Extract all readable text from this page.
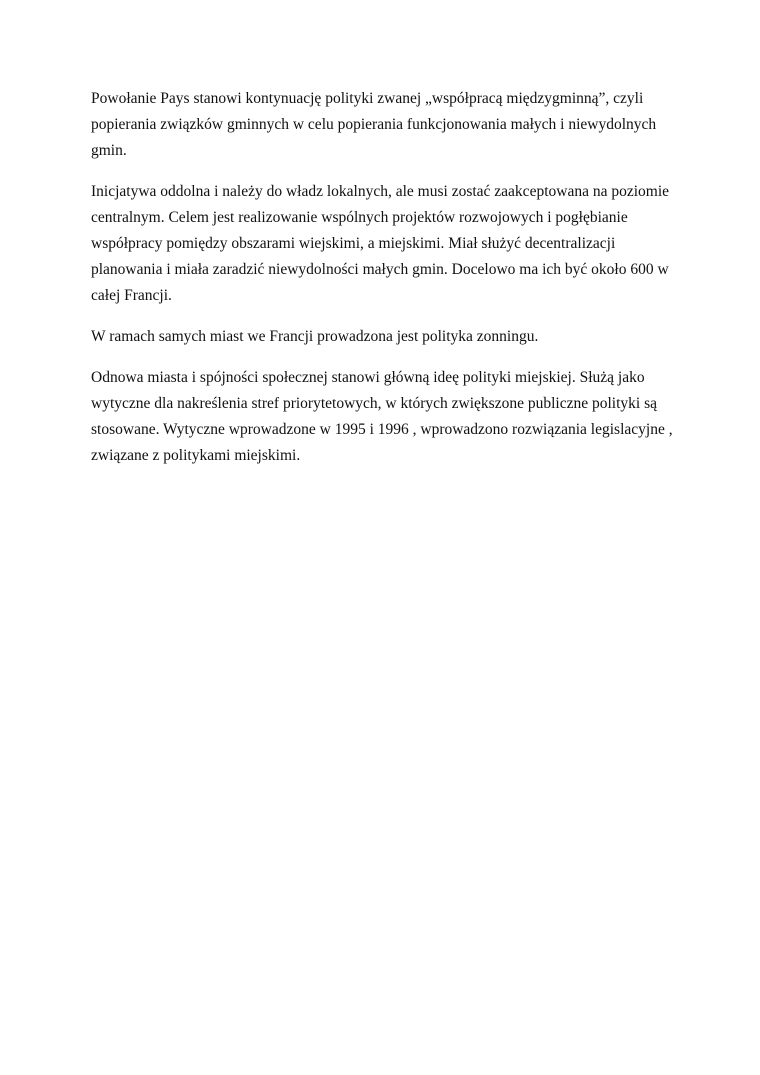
Powołanie Pays stanowi kontynuację polityki zwanej „współpracą międzygminną”, czyli
popierania związków gminnych w celu popierania funkcjonowania małych i niewydolnych
gmin.

Inicjatywa oddolna i należy do władz lokalnych, ale musi zostać zaakceptowana na poziomie
centralnym. Celem jest realizowanie wspólnych projektów rozwojowych i pogłębianie
współpracy pomiędzy obszarami wiejskimi, a miejskimi. Miał służyć decentralizacji
planowania i miała zaradzić niewydolności małych gmin. Docelowo ma ich być około 600 w
całej Francji.

W ramach samych miast we Francji prowadzona jest polityka zonningu.

Odnowa miasta i spójności społecznej stanowi główną ideę polityki miejskiej. Służą jako
wytyczne dla nakreślenia stref priorytetowych, w których zwiększone publiczne polityki są
stosowane. Wytyczne wprowadzone w 1995 i 1996 , wprowadzono rozwiązania legislacyjne ,
związane z politykami miejskimi.
